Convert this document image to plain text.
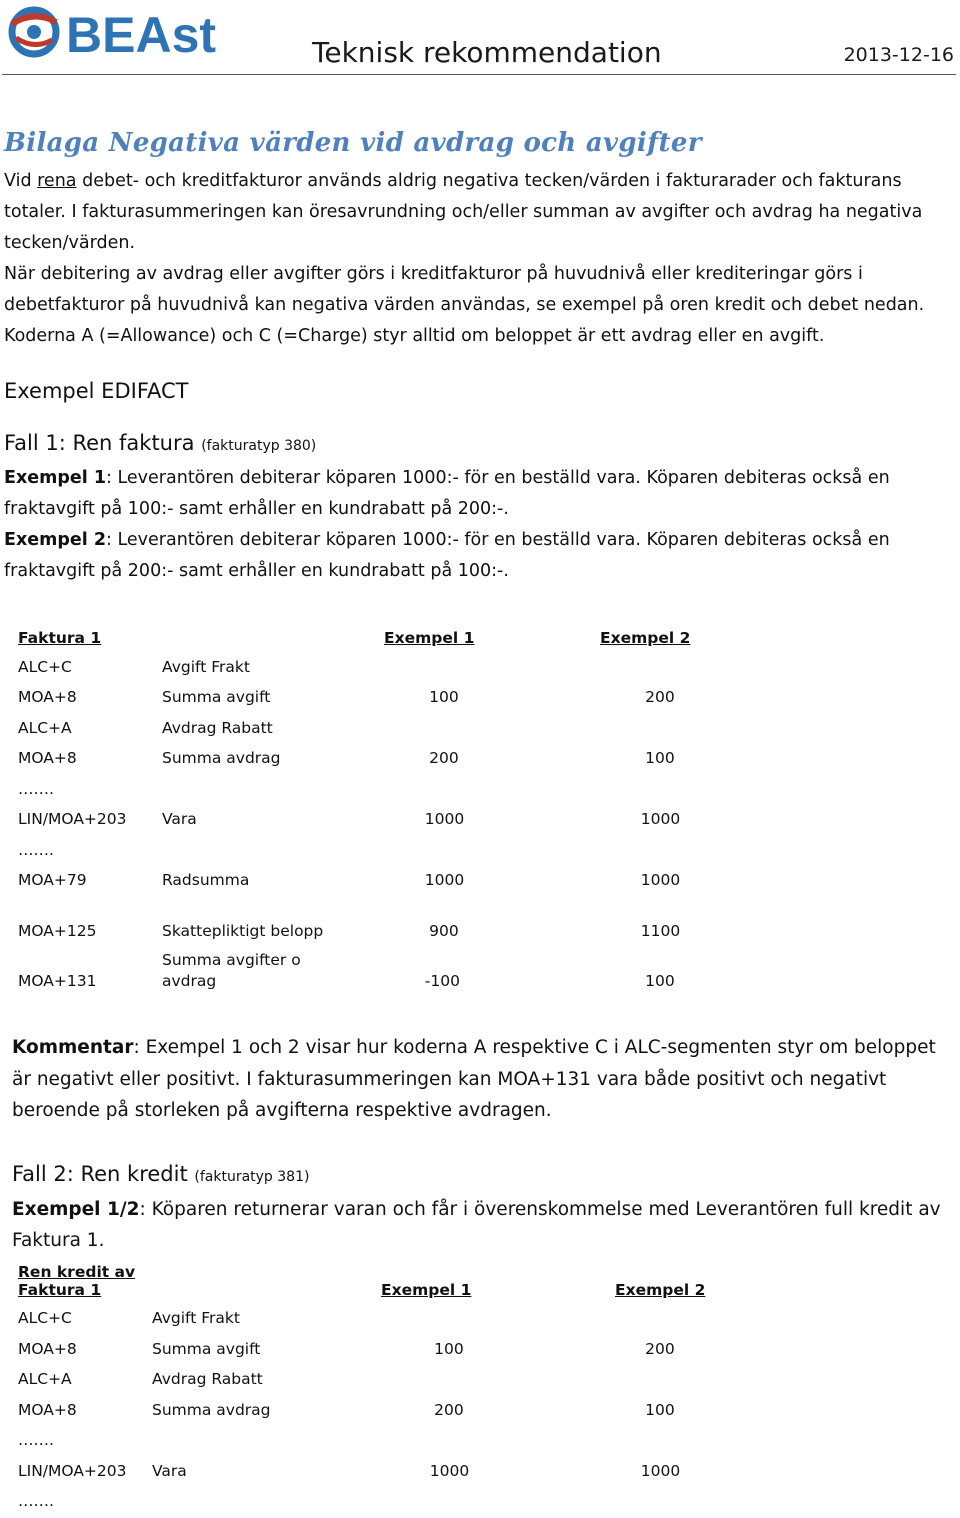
BEAst	Teknisk rekommendation	2013-12-16
Bilaga Negativa värden vid avdrag och avgifter

Vid rena debet- och kreditfakturor används aldrig negativa tecken/värden i fakturarader och fakturans totaler. I fakturasummeringen kan öresavrundning och/eller summan av avgifter och avdrag ha negativa tecken/värden.

När debitering av avdrag eller avgifter görs i kreditfakturor på huvudnivå eller krediteringar görs i debetfakturor på huvudnivå kan negativa värden användas, se exempel på oren kredit och debet nedan. Koderna A (=Allowance) och C (=Charge) styr alltid om beloppet är ett avdrag eller en avgift.

Exempel EDIFACT
Fall 1: Ren faktura (fakturatyp 380)

Exempel 1: Leverantören debiterar köparen 1000:- för en beställd vara. Köparen debiteras också en fraktavgift på 100:- samt erhåller en kundrabatt på 200:-.

Exempel 2: Leverantören debiterar köparen 1000:- för en beställd vara. Köparen debiteras också en fraktavgift på 200:- samt erhåller en kundrabatt på 100:-.

Faktura 1		Exempel 1	Exempel 2
ALC+C	Avgift Frakt		
MOA+8	Summa avgift	100	200
ALC+A	Avdrag Rabatt		
MOA+8	Summa avdrag	200	100
…….			
LIN/MOA+203	Vara	1000	1000
…….			
MOA+79	Radsumma	1000	1000
MOA+125	Skattepliktigt belopp	900	1100
MOA+131	Summa avgifter o avdrag	-100	100

Kommentar: Exempel 1 och 2 visar hur koderna A respektive C i ALC-segmenten styr om beloppet är negativt eller positivt. I fakturasummeringen kan MOA+131 vara både positivt och negativt beroende på storleken på avgifterna respektive avdragen.

Fall 2: Ren kredit (fakturatyp 381)

Exempel 1/2: Köparen returnerar varan och får i överenskommelse med Leverantören full kredit av Faktura 1.

Ren kredit av Faktura 1		Exempel 1	Exempel 2
ALC+C	Avgift Frakt		
MOA+8	Summa avgift	100	200
ALC+A	Avdrag Rabatt		
MOA+8	Summa avdrag	200	100
…….			
LIN/MOA+203	Vara	1000	1000
…….			
